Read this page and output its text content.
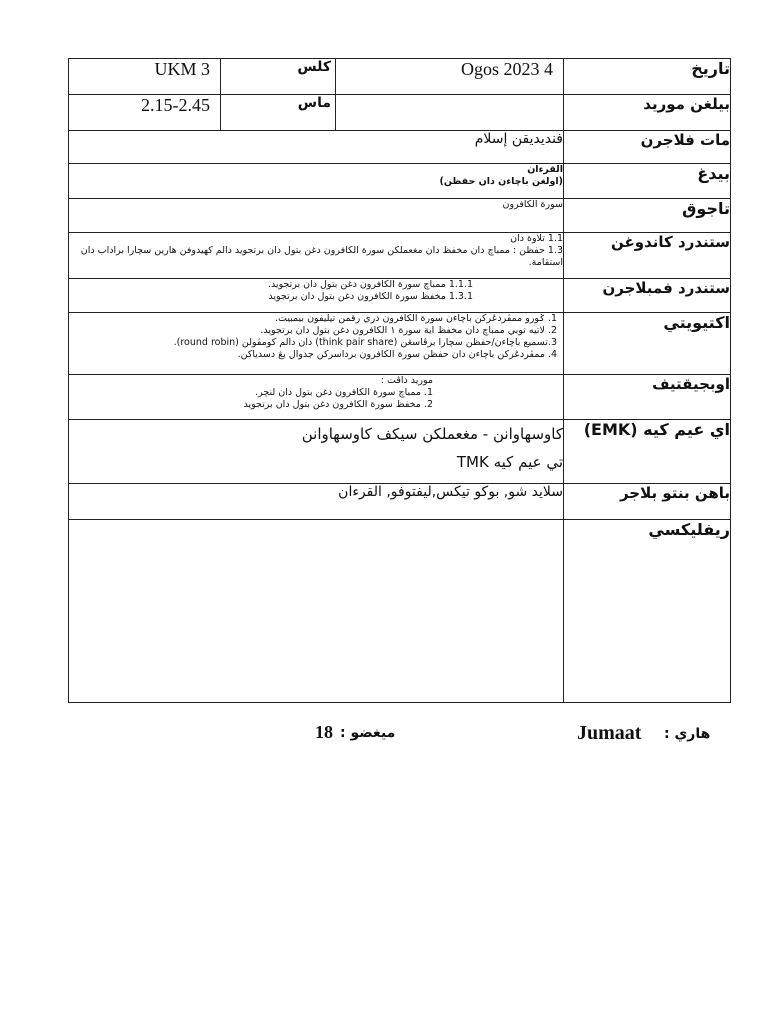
UKM 3	كلس	Ogos 2023 4	تاريخ
2.15-2.45	ماس		بيلغن موريد
فنديديقن إسلام			مات فلاجرن

القرءان
(اولغن باچاءن دان حفظن)			بيدغ
سورة الكافرون			تاجوق

1.1 تلاوة دان
1.3 حفظن : ممباچ دان مخفظ دان مغعملكن سورة الكافرون دغن بتول دان برتجويد دالم كهيدوفن هارين سچارا براداب دان
استقامة.			ستندرد كاندوغن

1.1.1 ممباچ سورة الكافرون دغن بتول دان برتجويد.
1.3.1 مخفظ سورة الكافرون دغن بتول دان برتجويد			ستندرد فمبلاجرن

1. ݢورو ممڤردڠرکن باچاءن سورة الكافرون دري رقمن تيليفون بيمبيت.
2. لاتيه توبي ممباچ دان مخفظ اية سورة ١ الكافرون دغن بتول دان برتجويد.
3.تسميع باچاءن/حفظن سچارا برڤاسڠن (think pair share) دان دالم كومڤولن (round robin).
4. ممڤردڠرکن باچاءن دان حفظن سورة الكافرون برداسرکن جدوال يڠ دسدياكن.			اكتيويتي

موريد داڤت :
1. ممباچ سورة الكافرون دغن بتول دان لنچر.
2. مخفظ سورة الكافرون دغن بتول دان برتجويد			اوبجيقتيف

كاوسهاوانن - مغعملكن سيكف كاوسهاوانن
تي عيم كيه TMK			اي عيم كيه (EMK)
سلايد شو, بوكو تيكس,ليفتوفو, القرءان			باهن بنتو بلاجر
			ريفليكسي
18 ميغضو :	Jumaat هاري :
